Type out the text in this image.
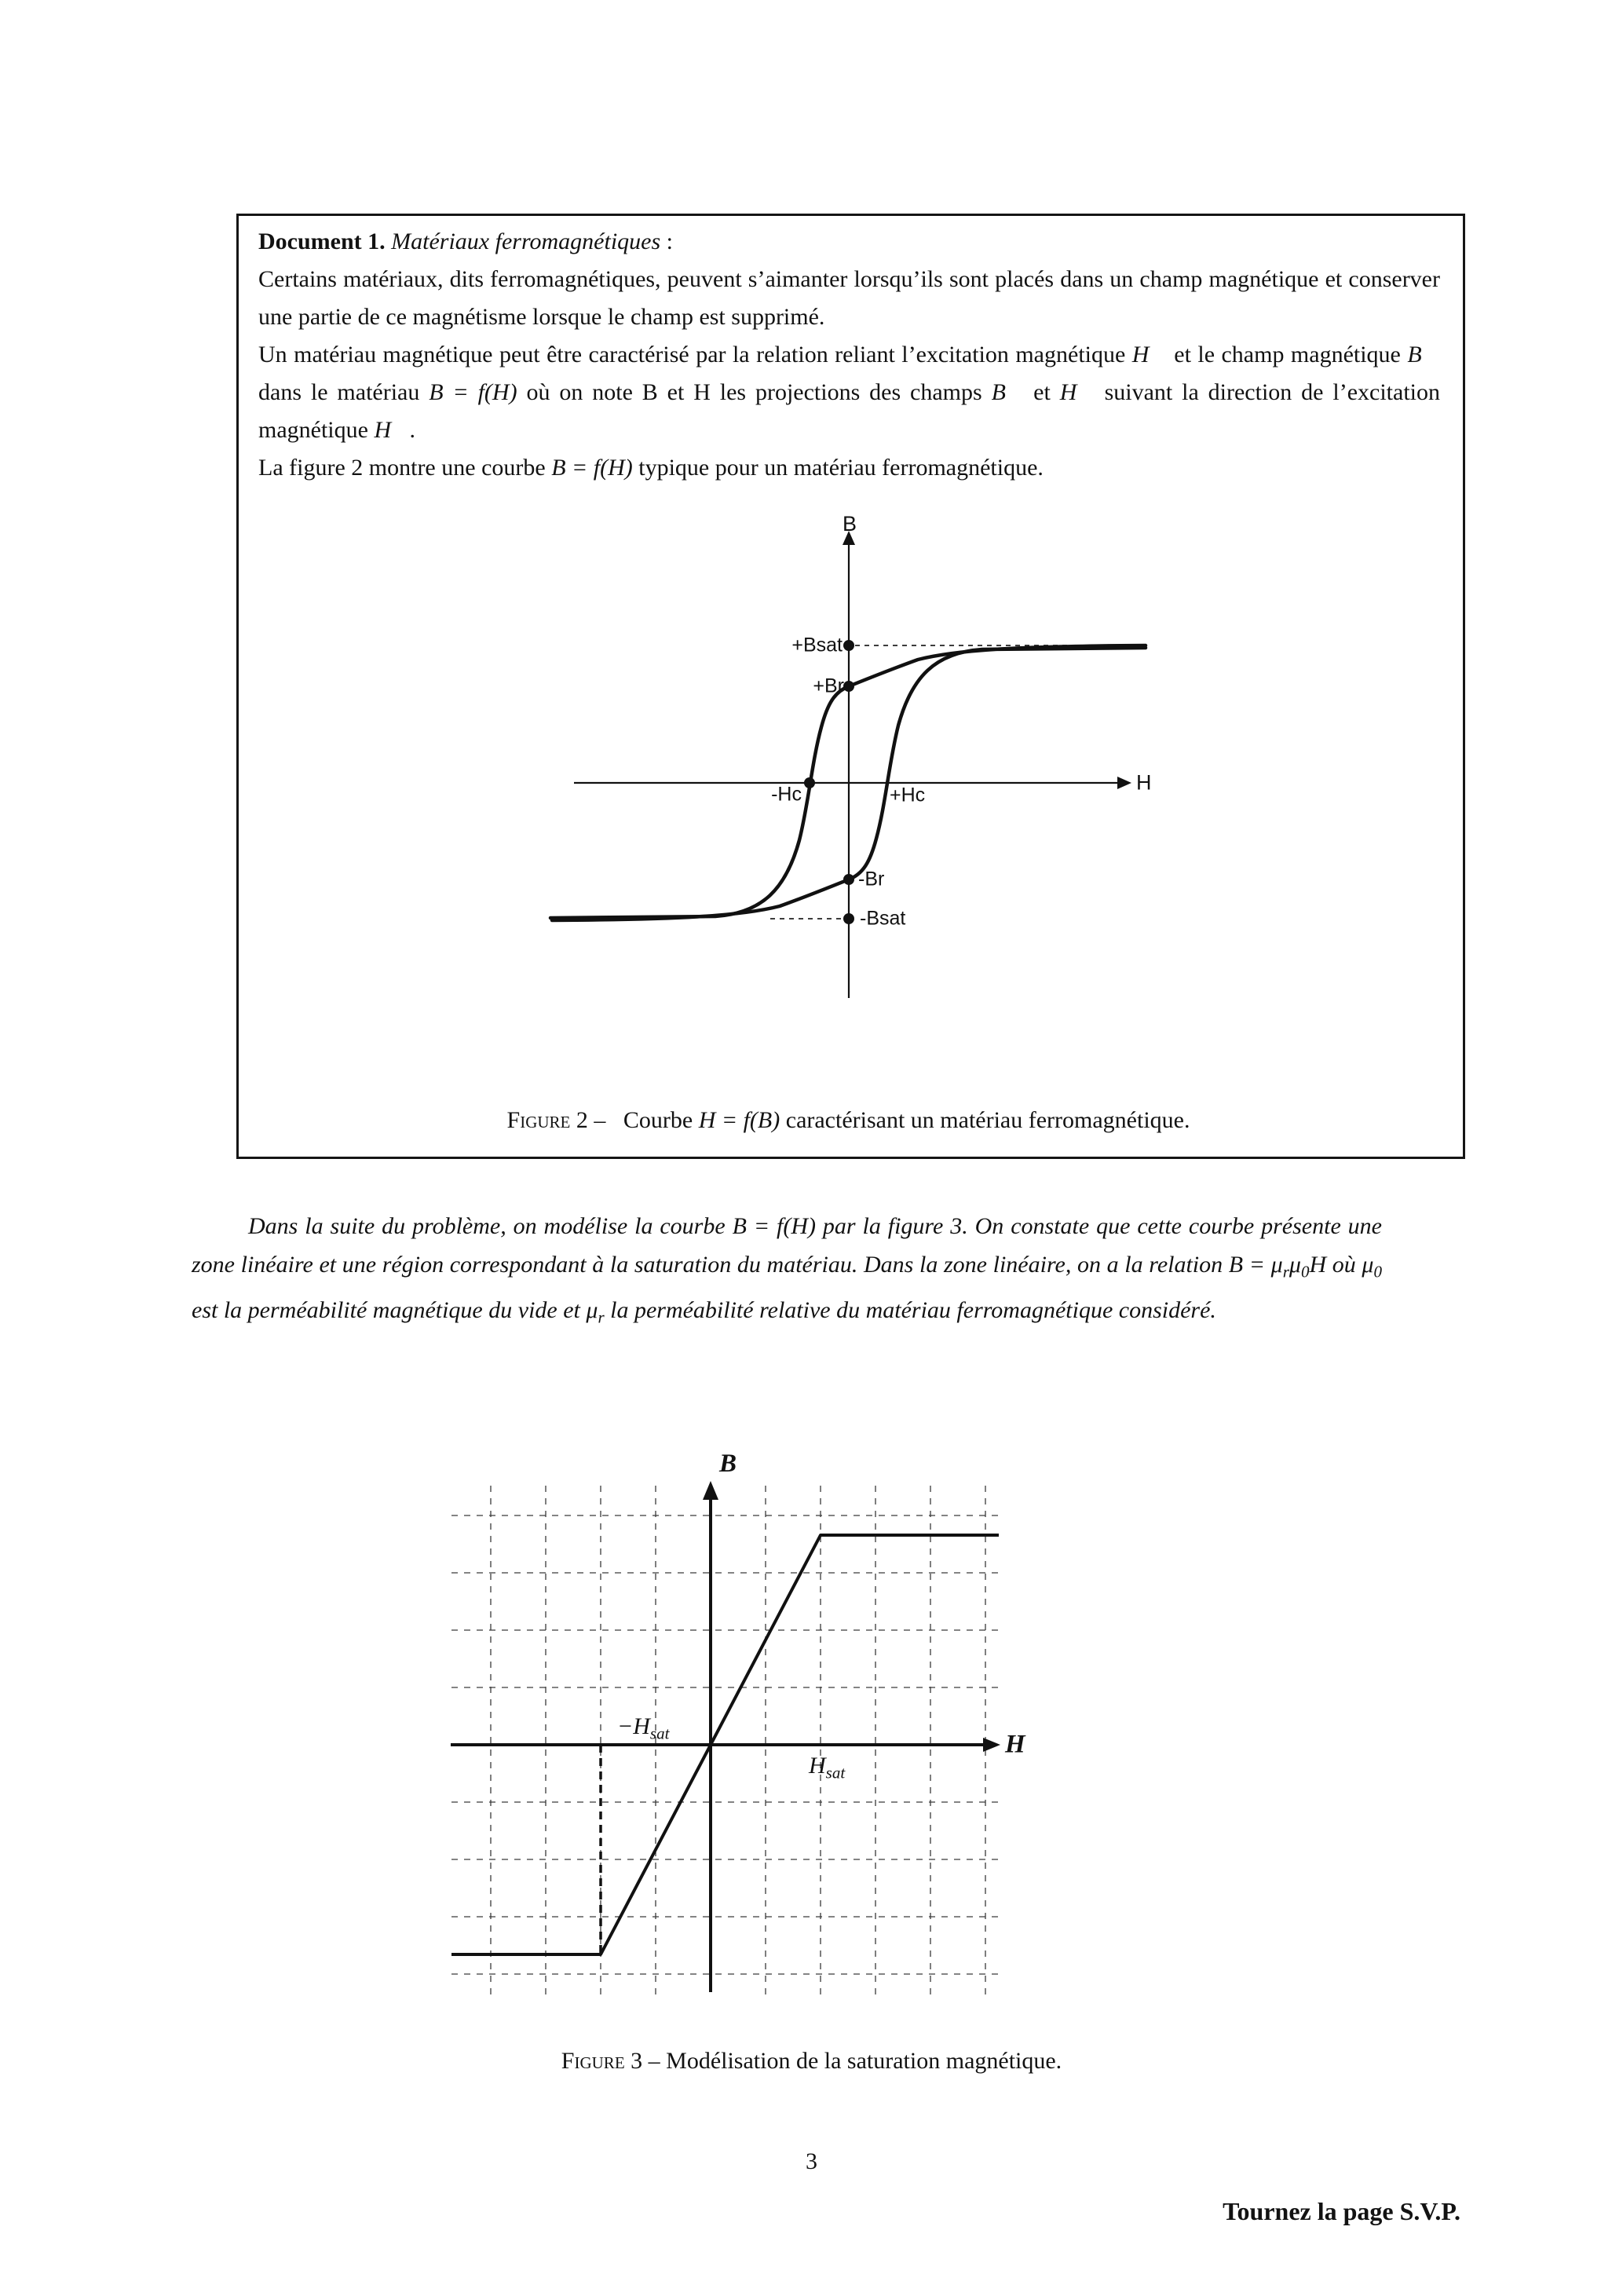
Document 1. Matériaux ferromagnétiques :

Certains matériaux, dits ferromagnétiques, peuvent s’aimanter lorsqu’ils sont placés dans un champ magnétique et conserver une partie de ce magnétisme lorsque le champ est supprimé.

Un matériau magnétique peut être caractérisé par la relation reliant l’excitation magnétique H⃗ et le champ magnétique B⃗ dans le matériau B = f(H) où on note B et H les projections des champs B⃗ et H⃗ suivant la direction de l’excitation magnétique H⃗.

La figure 2 montre une courbe B = f(H) typique pour un matériau ferromagnétique.

B
H
+Bsat
+Br
-Hc	+Hc
-Br
-Bsat
Figure 2 –  Courbe H = f(B) caractérisant un matériau ferromagnétique.
Dans la suite du problème, on modélise la courbe B = f(H) par la figure 3. On constate que cette courbe présente une zone linéaire et une région correspondant à la saturation du matériau. Dans la zone linéaire, on a la relation $B = \mu_r\mu_0H$ où $\mu_0$ est la perméabilité magnétique du vide et $\mu_r$ la perméabilité relative du matériau ferromagnétique considéré.
B
H
$-H_{sat}$
$H_{sat}$
Figure 3 – Modélisation de la saturation magnétique.
3
Tournez la page S.V.P.
